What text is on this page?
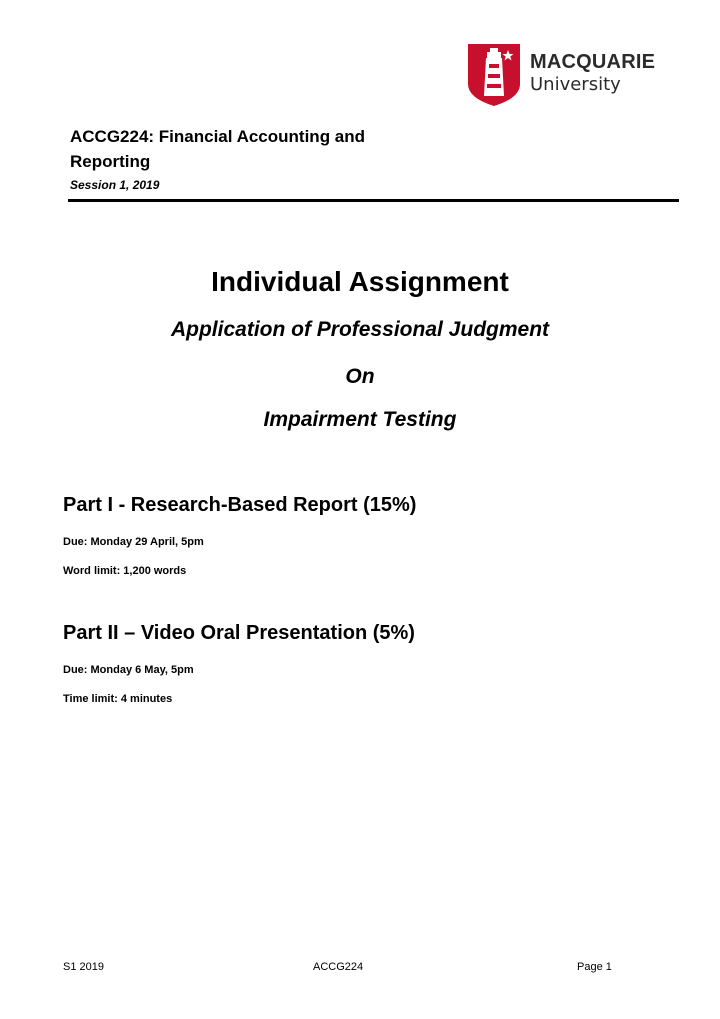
MACQUARIE
University
ACCG224: Financial Accounting and Reporting
Session 1, 2019
Individual Assignment
Application of Professional Judgment
On
Impairment Testing
Part I - Research-Based Report (15%)
Due: Monday 29 April, 5pm
Word limit: 1,200 words
Part II – Video Oral Presentation (5%)
Due: Monday 6 May, 5pm
Time limit: 4 minutes
S1 2019	ACCG224	Page 1
